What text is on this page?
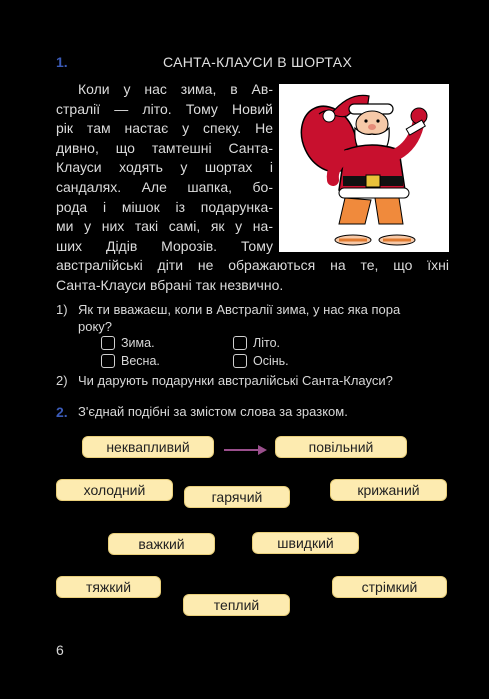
1.	САНТА-КЛАУСИ В ШОРТАХ
Коли у нас зима, в Ав-
стралії — літо. Тому Новий
рік там настає у спеку. Не
дивно, що тамтешні Санта-
Клауси ходять у шортах і
сандалях. Але шапка, бо-
рода і мішок із подарунка-
ми у них такі самі, як у на-
ших Дідів Морозів. Тому
австралійські діти не ображаються на те, що їхні
Санта-Клауси вбрані так незвично.
1) Як ти вважаєш, коли в Австралії зима, у нас яка пора
року?
Зима.	Літо.
Весна.	Осінь.
2) Чи дарують подарунки австралійські Санта-Клауси?
2. З'єднай подібні за змістом слова за зразком.
неквапливий	повільний
холодний	гарячий	крижаний
важкий	швидкий
тяжкий	стрімкий
теплий
6
